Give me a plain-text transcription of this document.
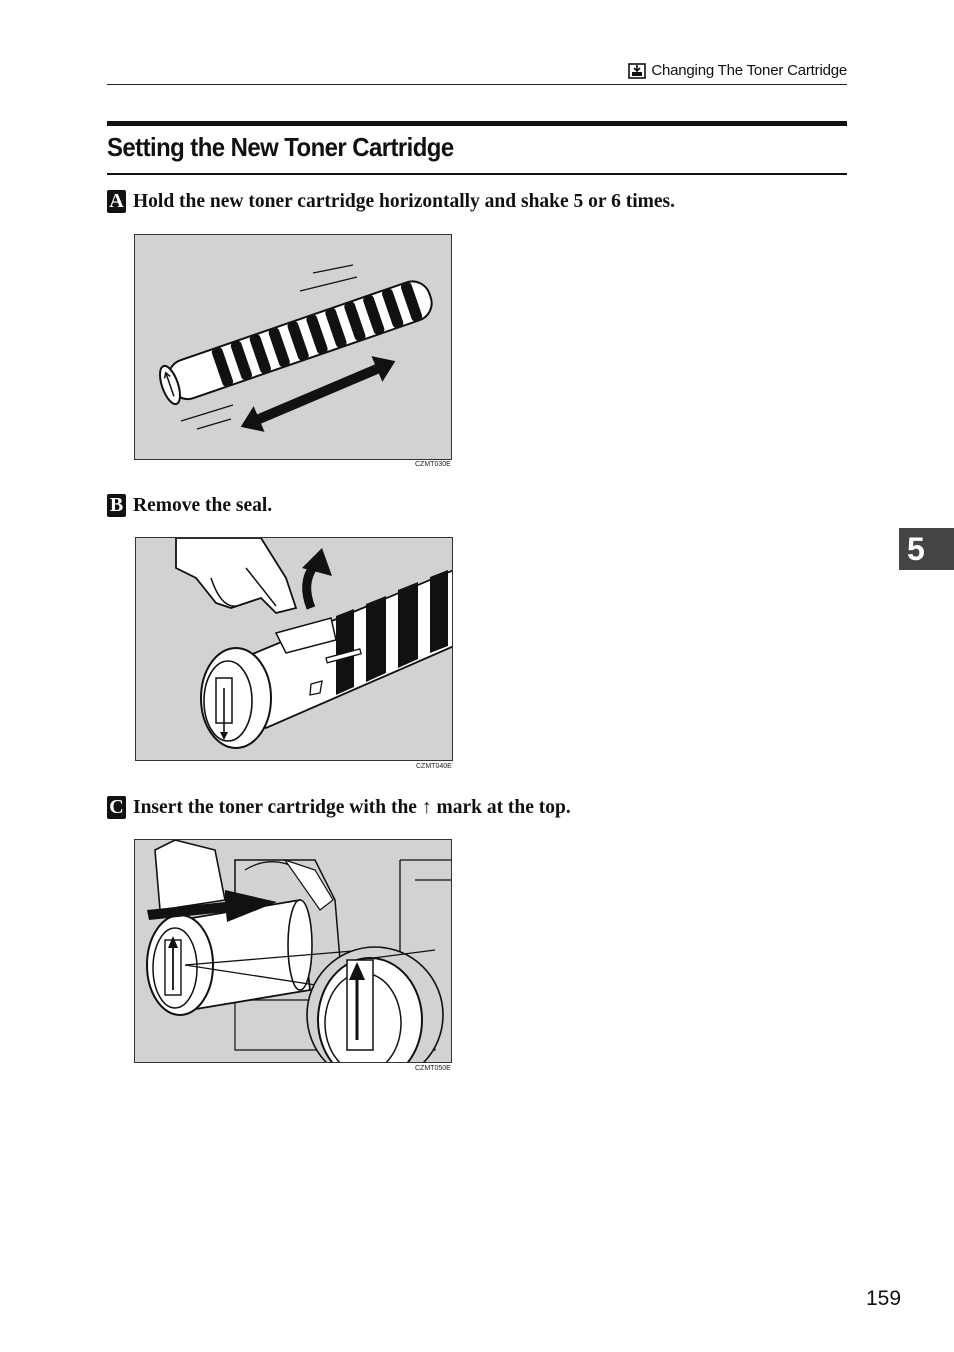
Changing The Toner Cartridge
Setting the New Toner Cartridge
A Hold the new toner cartridge horizontally and shake 5 or 6 times.
CZMT030E
B Remove the seal.
CZMT040E
C Insert the toner cartridge with the ↑ mark at the top.
CZMT050E
5
159
